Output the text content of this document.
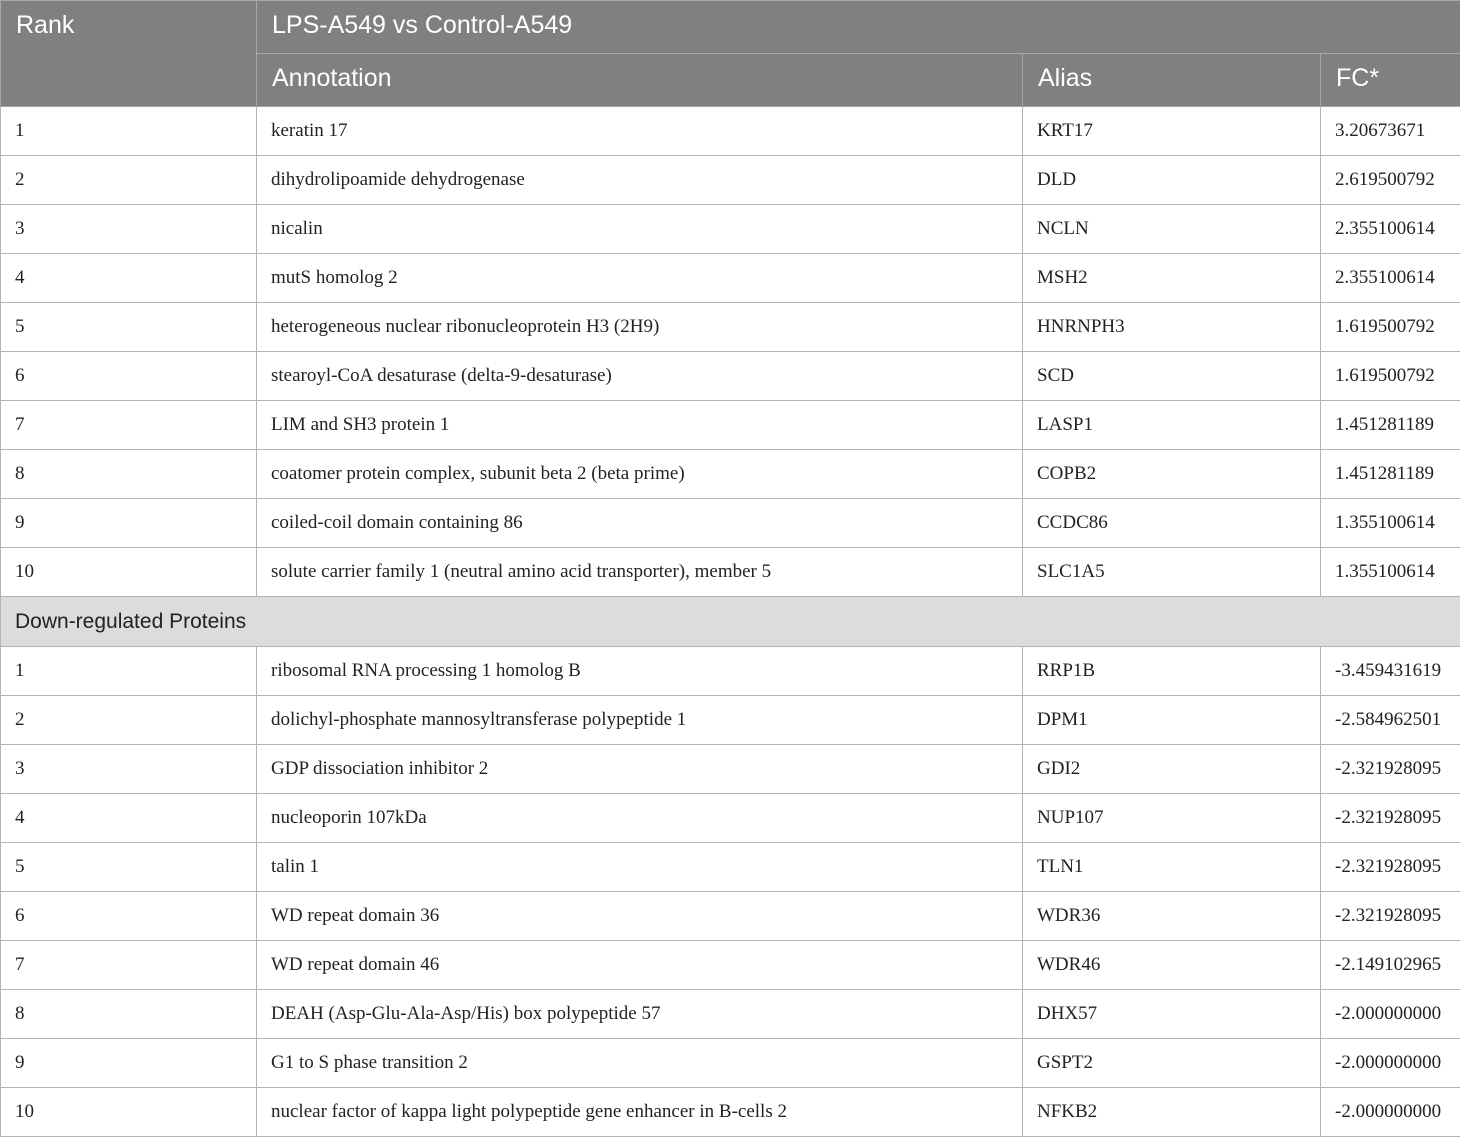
Rank	LPS-A549 vs Control-A549		
	Annotation	Alias	FC*
1	keratin 17	KRT17	3.20673671
2	dihydrolipoamide dehydrogenase	DLD	2.619500792
3	nicalin	NCLN	2.355100614
4	mutS homolog 2	MSH2	2.355100614
5	heterogeneous nuclear ribonucleoprotein H3 (2H9)	HNRNPH3	1.619500792
6	stearoyl-CoA desaturase (delta-9-desaturase)	SCD	1.619500792
7	LIM and SH3 protein 1	LASP1	1.451281189
8	coatomer protein complex, subunit beta 2 (beta prime)	COPB2	1.451281189
9	coiled-coil domain containing 86	CCDC86	1.355100614
10	solute carrier family 1 (neutral amino acid transporter), member 5	SLC1A5	1.355100614
Down-regulated Proteins			
1	ribosomal RNA processing 1 homolog B	RRP1B	-3.459431619
2	dolichyl-phosphate mannosyltransferase polypeptide 1	DPM1	-2.584962501
3	GDP dissociation inhibitor 2	GDI2	-2.321928095
4	nucleoporin 107kDa	NUP107	-2.321928095
5	talin 1	TLN1	-2.321928095
6	WD repeat domain 36	WDR36	-2.321928095
7	WD repeat domain 46	WDR46	-2.149102965
8	DEAH (Asp-Glu-Ala-Asp/His) box polypeptide 57	DHX57	-2.000000000
9	G1 to S phase transition 2	GSPT2	-2.000000000
10	nuclear factor of kappa light polypeptide gene enhancer in B-cells 2	NFKB2	-2.000000000
